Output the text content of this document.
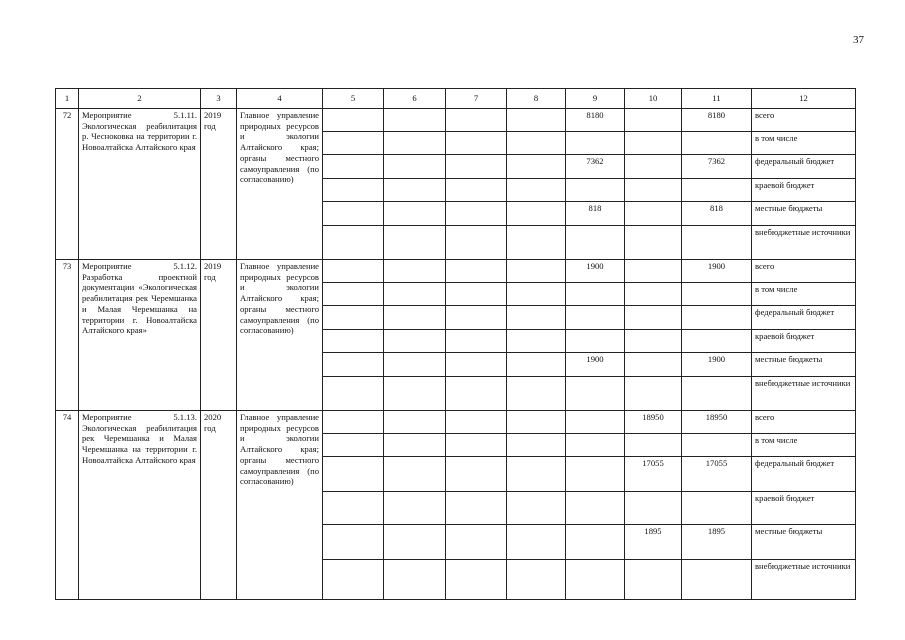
37
1	2	3	4	5	6	7	8	9	10	11	12
72	Мероприятие 5.1.11. Экологическая реабилитация р. Чесноковка на территории г. Новоалтайска Алтайского края	2019 год	Главное управление природных ресурсов и экологии Алтайского края; органы местного самоуправления (по согласованию)					8180		8180	всего
											в том числе
								7362		7362	федеральный бюджет
											краевой бюджет
								818		818	местные бюджеты
											внебюджетные источники
73	Мероприятие 5.1.12. Разработка проектной документации «Экологическая реабилитация рек Черемшанка и Малая Черемшанка на территории г. Новоалтайска Алтайского края»	2019 год	Главное управление природных ресурсов и экологии Алтайского края; органы местного самоуправления (по согласованию)					1900		1900	всего
											в том числе
											федеральный бюджет
											краевой бюджет
								1900		1900	местные бюджеты
											внебюджетные источники
74	Мероприятие 5.1.13. Экологическая реабилитация рек Черемшанка и Малая Черемшанка на территории г. Новоалтайска Алтайского края	2020 год	Главное управление природных ресурсов и экологии Алтайского края; органы местного самоуправления (по согласованию)						18950	18950	всего
											в том числе
									17055	17055	федеральный бюджет
											краевой бюджет
									1895	1895	местные бюджеты
											внебюджетные источники
